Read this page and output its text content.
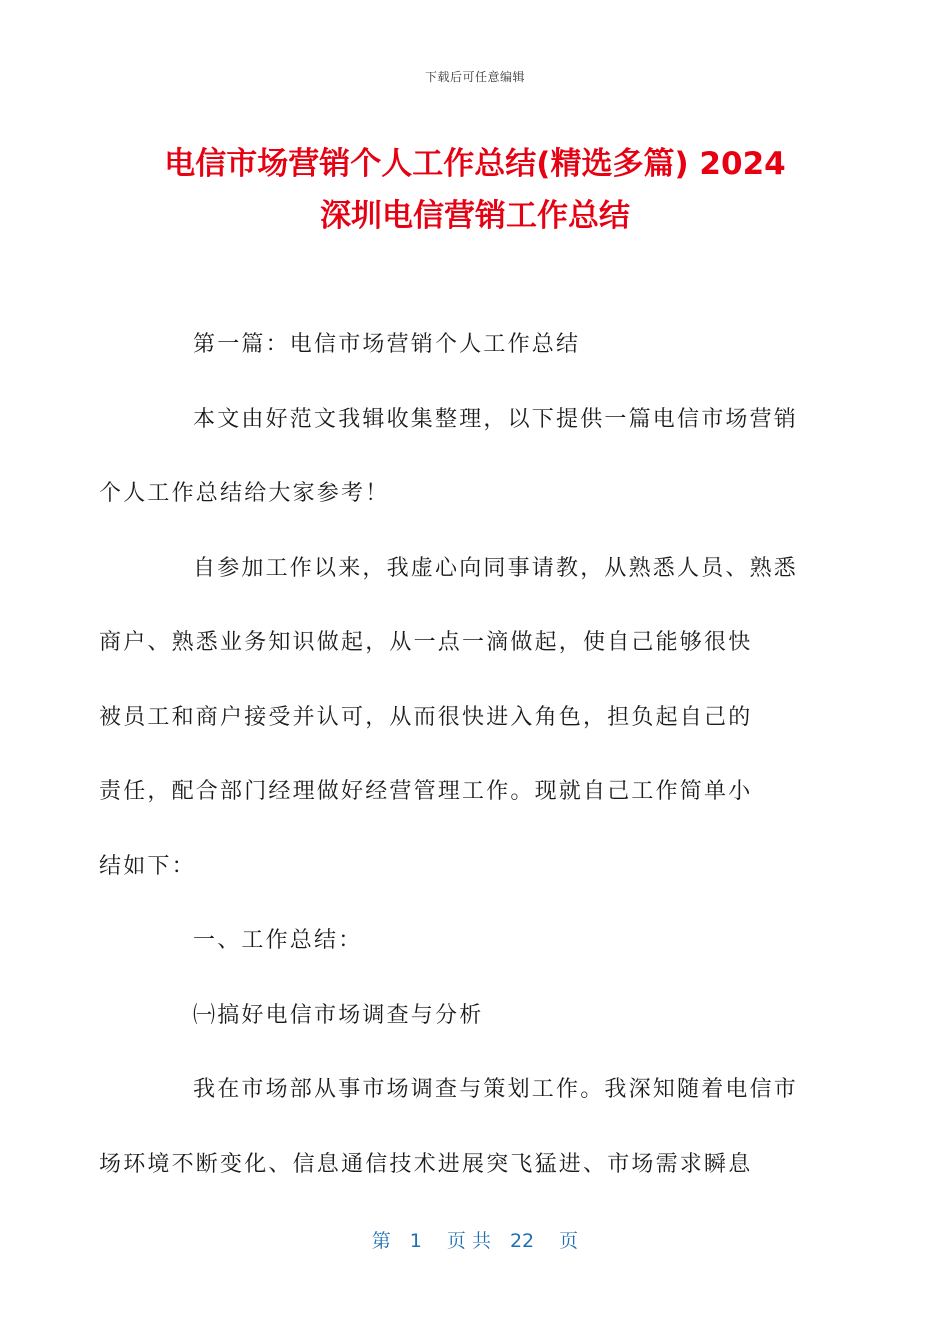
下载后可任意编辑
电信市场营销个人工作总结(精选多篇) 2024
深圳电信营销工作总结

第一篇：电信市场营销个人工作总结

本文由好范文我辑收集整理，以下提供一篇电信市场营销
个人工作总结给大家参考！

自参加工作以来，我虚心向同事请教，从熟悉人员、熟悉
商户、熟悉业务知识做起，从一点一滴做起，使自己能够很快
被员工和商户接受并认可，从而很快进入角色，担负起自己的
责任，配合部门经理做好经营管理工作。现就自己工作简单小
结如下：

一、工作总结：

㈠搞好电信市场调查与分析

我在市场部从事市场调查与策划工作。我深知随着电信市
场环境不断变化、信息通信技术进展突飞猛进、市场需求瞬息

第　1　 页 共　22　 页
